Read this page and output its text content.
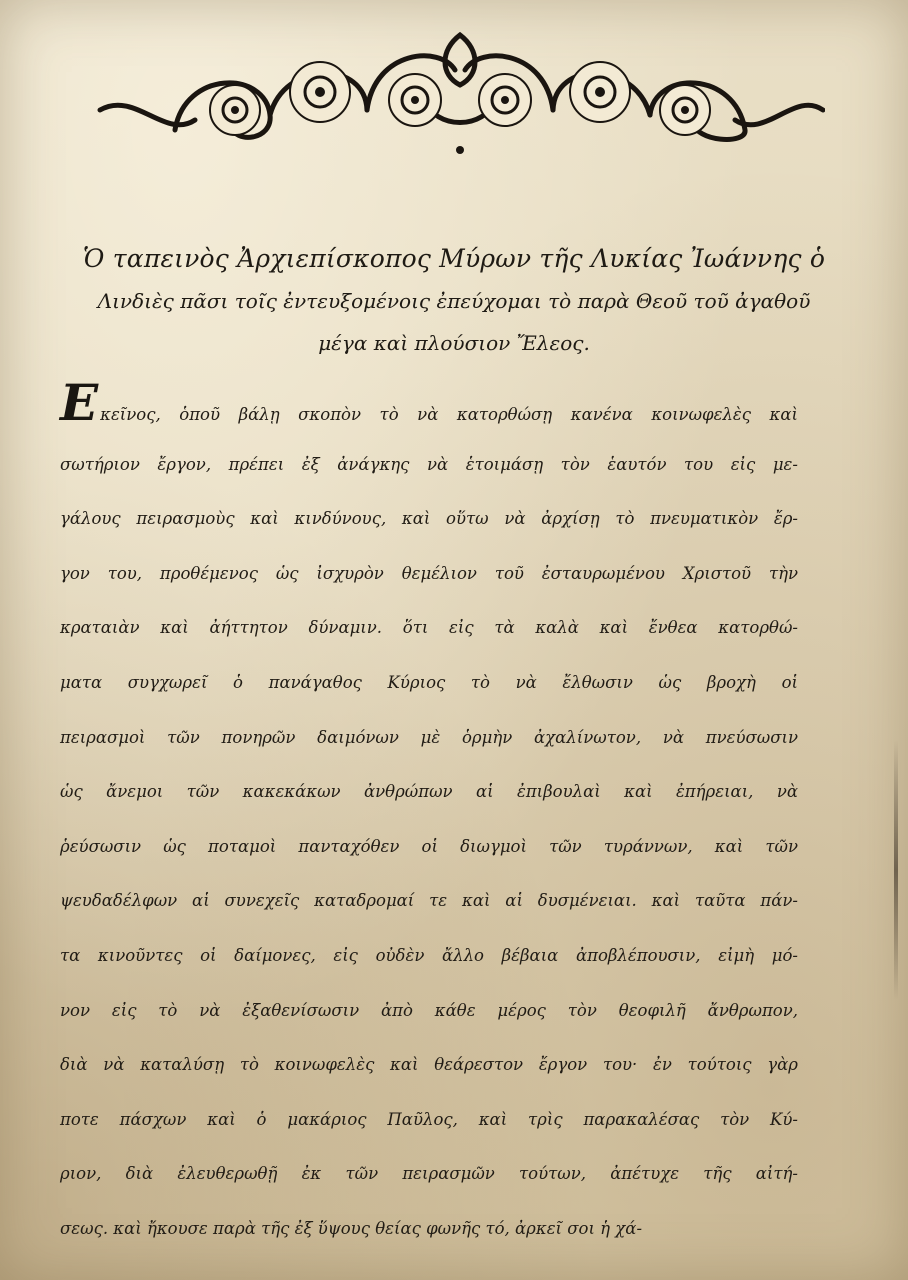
Ὁ ταπεινὸς Ἀρχιεπίσκοπος Μύρων τῆς Λυκίας Ἰωάννης ὁ
Λινδιὲς πᾶσι τοῖς ἐντευξομένοις ἐπεύχομαι τὸ παρὰ Θεοῦ τοῦ ἀγαθοῦ
μέγα καὶ πλούσιον Ἔλεος.
Ε κεῖνος, ὁποῦ βάλῃ σκοπὸν τὸ νὰ κατορθώσῃ κανένα κοινωφελὲς καὶ
σωτήριον ἔργον, πρέπει ἐξ ἀνάγκης νὰ ἑτοιμάσῃ τὸν ἑαυτόν του εἰς με-
γάλους πειρασμοὺς καὶ κινδύνους, καὶ οὕτω νὰ ἀρχίσῃ τὸ πνευματικὸν ἔρ-
γον του, προθέμενος ὡς ἰσχυρὸν θεμέλιον τοῦ ἐσταυρωμένου Χριστοῦ τὴν
κραταιὰν καὶ ἀήττητον δύναμιν. ὅτι εἰς τὰ καλὰ καὶ ἔνθεα κατορθώ-
ματα συγχωρεῖ ὁ πανάγαθος Κύριος τὸ νὰ ἔλθωσιν ὡς βροχὴ οἱ
πειρασμοὶ τῶν πονηρῶν δαιμόνων μὲ ὁρμὴν ἀχαλίνωτον, νὰ πνεύσωσιν
ὡς ἄνεμοι τῶν κακεκάκων ἀνθρώπων αἱ ἐπιβουλαὶ καὶ ἐπήρειαι, νὰ
ῥεύσωσιν ὡς ποταμοὶ πανταχόθεν οἱ διωγμοὶ τῶν τυράννων, καὶ τῶν
ψευδαδέλφων αἱ συνεχεῖς καταδρομαί τε καὶ αἱ δυσμένειαι. καὶ ταῦτα πάν-
τα κινοῦντες οἱ δαίμονες, εἰς οὐδὲν ἄλλο βέβαια ἀποβλέπουσιν, εἰμὴ μό-
νον εἰς τὸ νὰ ἐξαθενίσωσιν ἀπὸ κάθε μέρος τὸν θεοφιλῆ ἄνθρωπον,
διὰ νὰ καταλύσῃ τὸ κοινωφελὲς καὶ θεάρεστον ἔργον του· ἐν τούτοις γὰρ
ποτε πάσχων καὶ ὁ μακάριος Παῦλος, καὶ τρὶς παρακαλέσας τὸν Κύ-
ριον, διὰ ἐλευθερωθῇ ἐκ τῶν πειρασμῶν τούτων, ἀπέτυχε τῆς αἰτή-
σεως. καὶ ἤκουσε παρὰ τῆς ἐξ ὕψους θείας φωνῆς τό, ἀρκεῖ σοι ἡ χά-
